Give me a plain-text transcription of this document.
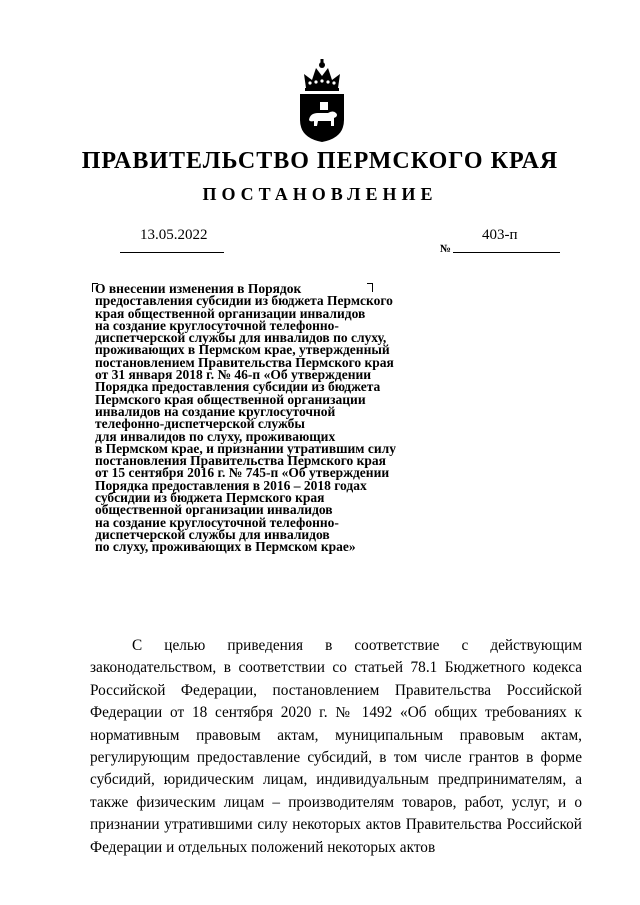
ПРАВИТЕЛЬСТВО ПЕРМСКОГО КРАЯ
ПОСТАНОВЛЕНИЕ
13.05.2022
№
403-п
О внесении изменения в Порядок
предоставления субсидии из бюджета Пермского
края общественной организации инвалидов
на создание круглосуточной телефонно-
диспетчерской службы для инвалидов по слуху,
проживающих в Пермском крае, утвержденный
постановлением Правительства Пермского края
от 31 января 2018 г. № 46-п «Об утверждении
Порядка предоставления субсидии из бюджета
Пермского края общественной организации
инвалидов на создание круглосуточной
телефонно-диспетчерской службы
для инвалидов по слуху, проживающих
в Пермском крае, и признании утратившим силу
постановления Правительства Пермского края
от 15 сентября 2016 г. № 745-п «Об утверждении
Порядка предоставления в 2016 – 2018 годах
субсидии из бюджета Пермского края
общественной организации инвалидов
на создание круглосуточной телефонно-
диспетчерской службы для инвалидов
по слуху, проживающих в Пермском крае»
С целью приведения в соответствие с действующим законодательством, в соответствии со статьей 78.1 Бюджетного кодекса Российской Федерации, постановлением Правительства Российской Федерации от 18 сентября 2020 г. № 1492 «Об общих требованиях к нормативным правовым актам, муниципальным правовым актам, регулирующим предоставление субсидий, в том числе грантов в форме субсидий, юридическим лицам, индивидуальным предпринимателям, а также физическим лицам – производителям товаров, работ, услуг, и о признании утратившими силу некоторых актов Правительства Российской Федерации и отдельных положений некоторых актов
